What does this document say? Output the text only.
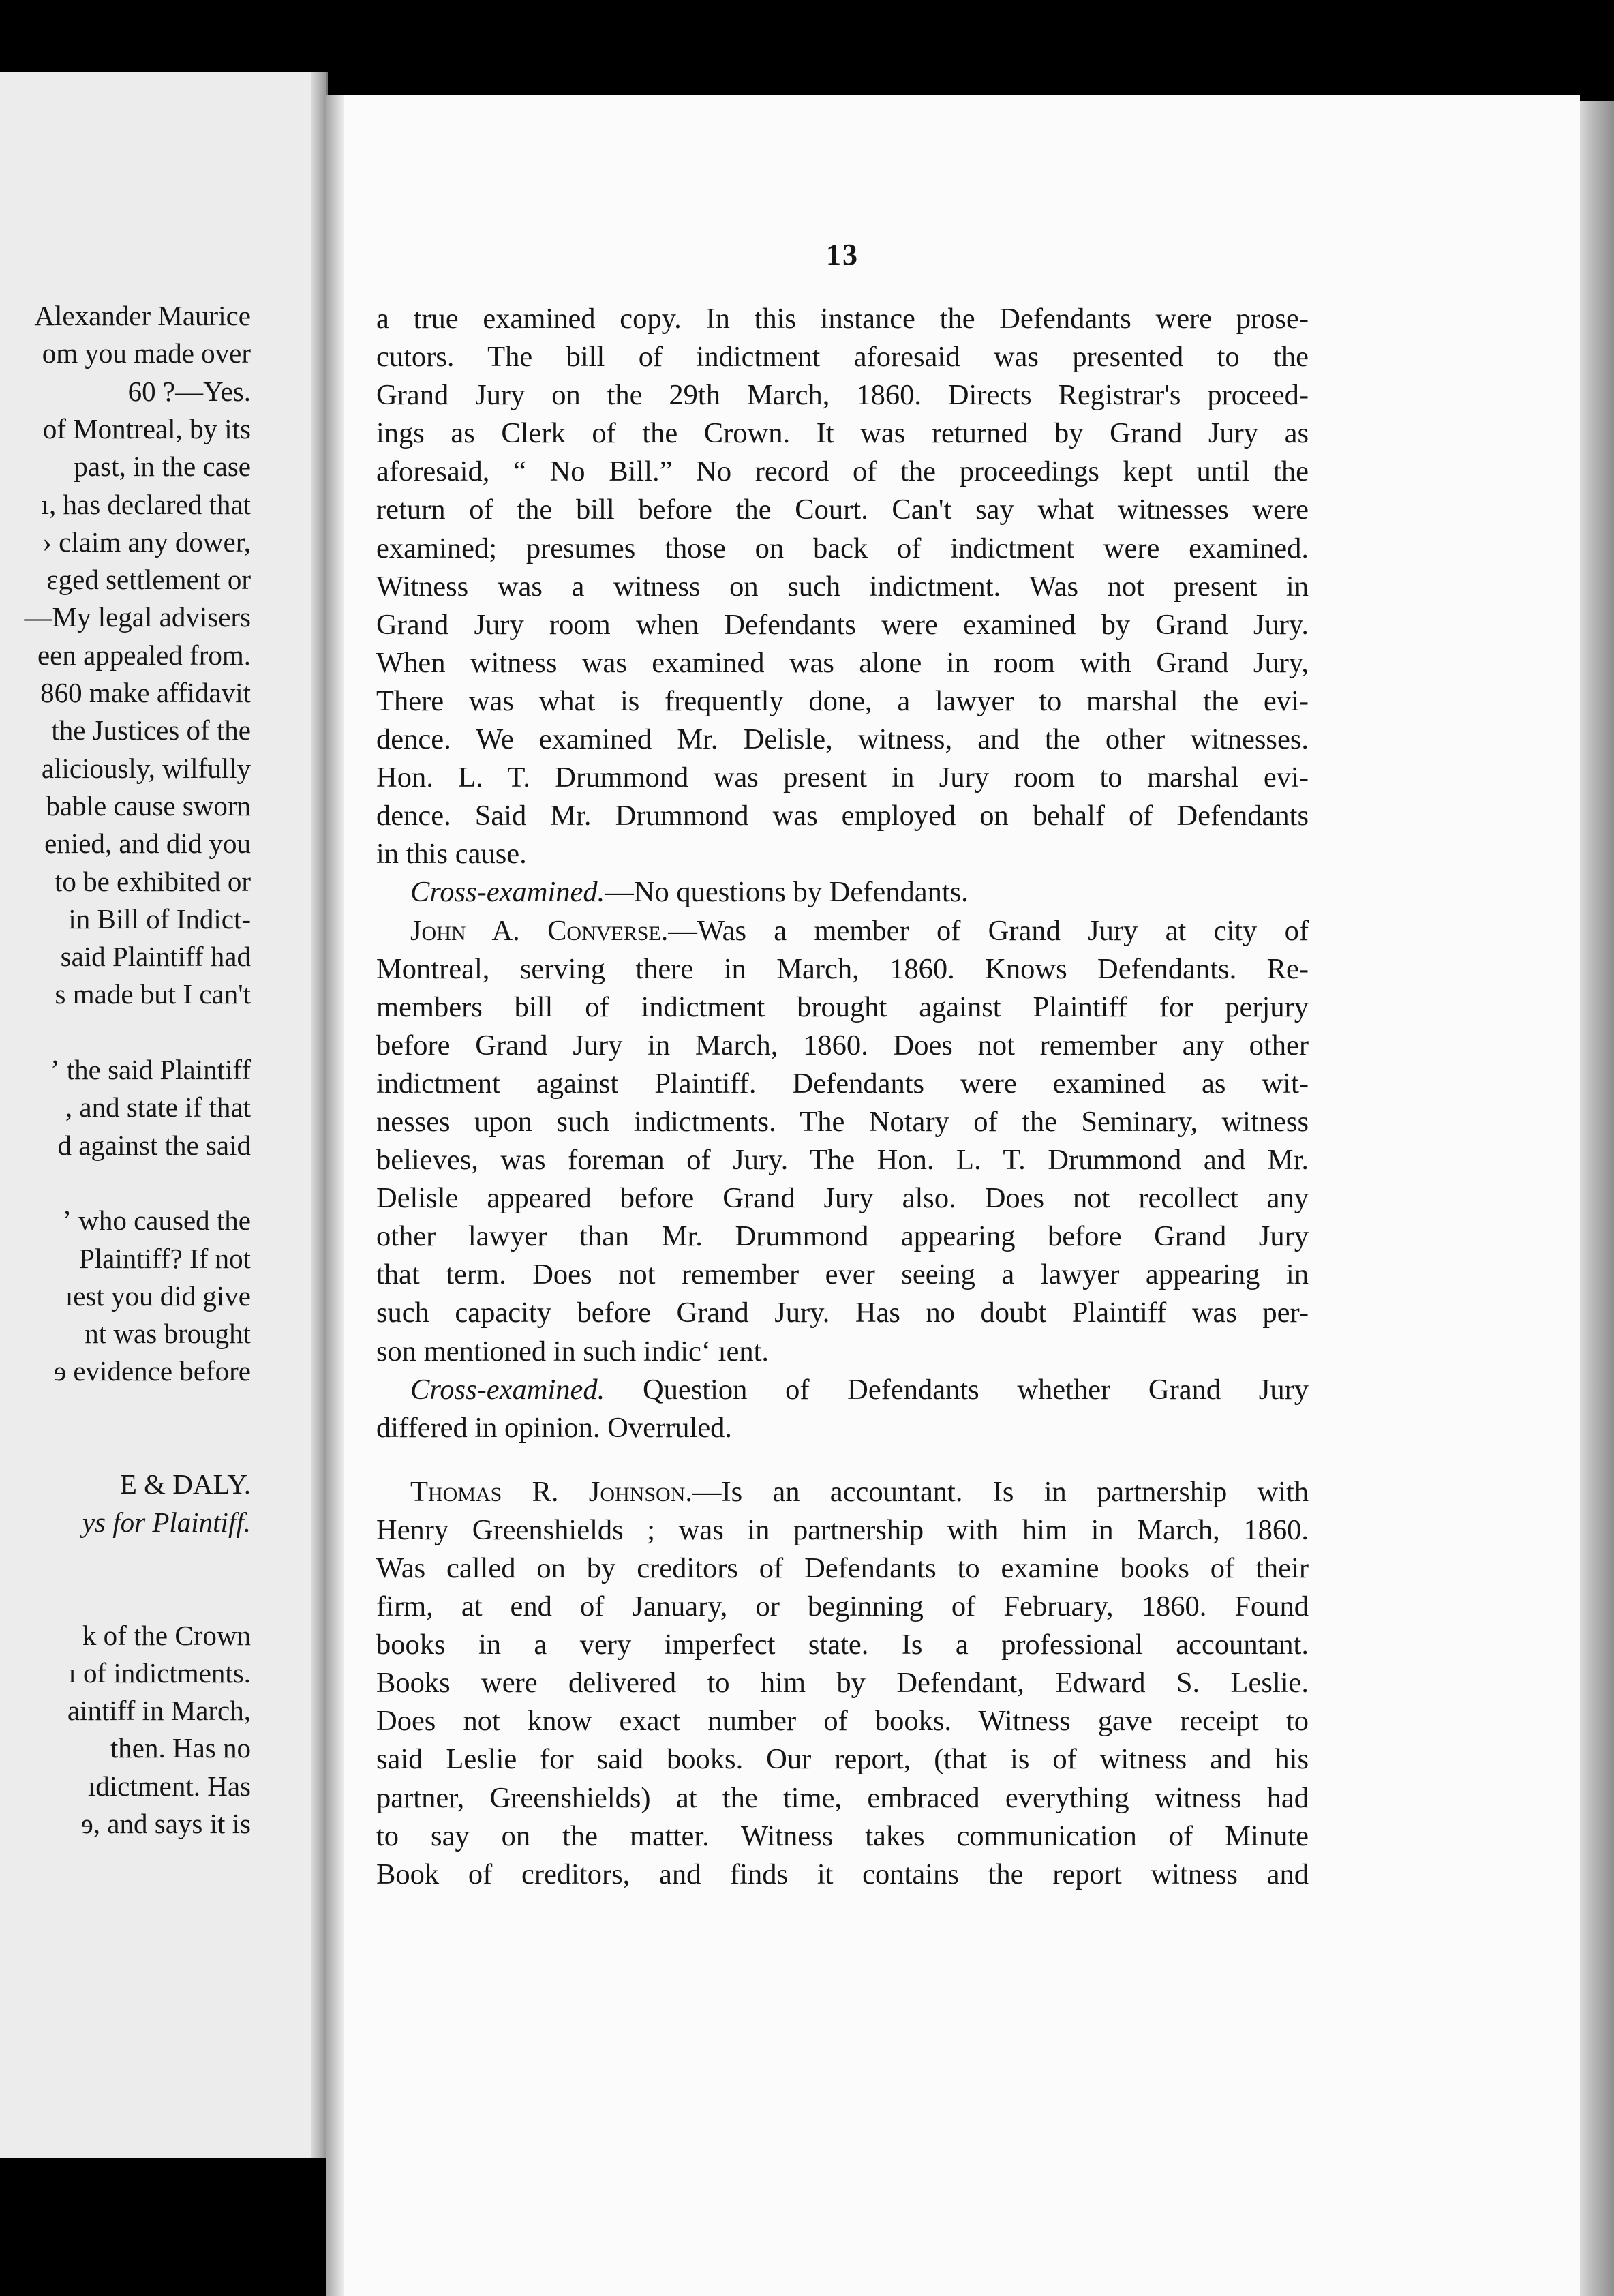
Alexander Maurice
om you made over
60 ?—Yes.
of Montreal, by its
past, in the case
ı, has declared that
› claim any dower,
ɛged settlement or
—My legal advisers
een appealed from.
860 make affidavit
the Justices of the
aliciously, wilfully
bable cause sworn
enied, and did you
to be exhibited or
in Bill of Indict-
said Plaintiff had
s made but I can't
ʼ the said Plaintiff
, and state if that
d against the said
ʼ who caused the
Plaintiff? If not
ıest you did give
nt was brought
ɘ evidence before
E & DALY.
ys for Plaintiff.
k of the Crown
ı of indictments.
aintiff in March,
then. Has no
ıdictment. Has
ɘ, and says it is
13
a true examined copy. In this instance the Defendants were prose-
cutors. The bill of indictment aforesaid was presented to the
Grand Jury on the 29th March, 1860. Directs Registrar's proceed-
ings as Clerk of the Crown. It was returned by Grand Jury as
aforesaid, “ No Bill.” No record of the proceedings kept until the
return of the bill before the Court. Can't say what witnesses were
examined; presumes those on back of indictment were examined.
Witness was a witness on such indictment. Was not present in
Grand Jury room when Defendants were examined by Grand Jury.
When witness was examined was alone in room with Grand Jury,
There was what is frequently done, a lawyer to marshal the evi-
dence. We examined Mr. Delisle, witness, and the other witnesses.
Hon. L. T. Drummond was present in Jury room to marshal evi-
dence. Said Mr. Drummond was employed on behalf of Defendants
in this cause.
Cross-examined.—No questions by Defendants.
John A. Converse.—Was a member of Grand Jury at city of
Montreal, serving there in March, 1860. Knows Defendants. Re-
members bill of indictment brought against Plaintiff for perjury
before Grand Jury in March, 1860. Does not remember any other
indictment against Plaintiff. Defendants were examined as wit-
nesses upon such indictments. The Notary of the Seminary, witness
believes, was foreman of Jury. The Hon. L. T. Drummond and Mr.
Delisle appeared before Grand Jury also. Does not recollect any
other lawyer than Mr. Drummond appearing before Grand Jury
that term. Does not remember ever seeing a lawyer appearing in
such capacity before Grand Jury. Has no doubt Plaintiff was per-
son mentioned in such indic‘ ıent.
Cross-examined. Question of Defendants whether Grand Jury
differed in opinion. Overruled.
Thomas R. Johnson.—Is an accountant. Is in partnership with
Henry Greenshields ; was in partnership with him in March, 1860.
Was called on by creditors of Defendants to examine books of their
firm, at end of January, or beginning of February, 1860. Found
books in a very imperfect state. Is a professional accountant.
Books were delivered to him by Defendant, Edward S. Leslie.
Does not know exact number of books. Witness gave receipt to
said Leslie for said books. Our report, (that is of witness and his
partner, Greenshields) at the time, embraced everything witness had
to say on the matter. Witness takes communication of Minute
Book of creditors, and finds it contains the report witness and
